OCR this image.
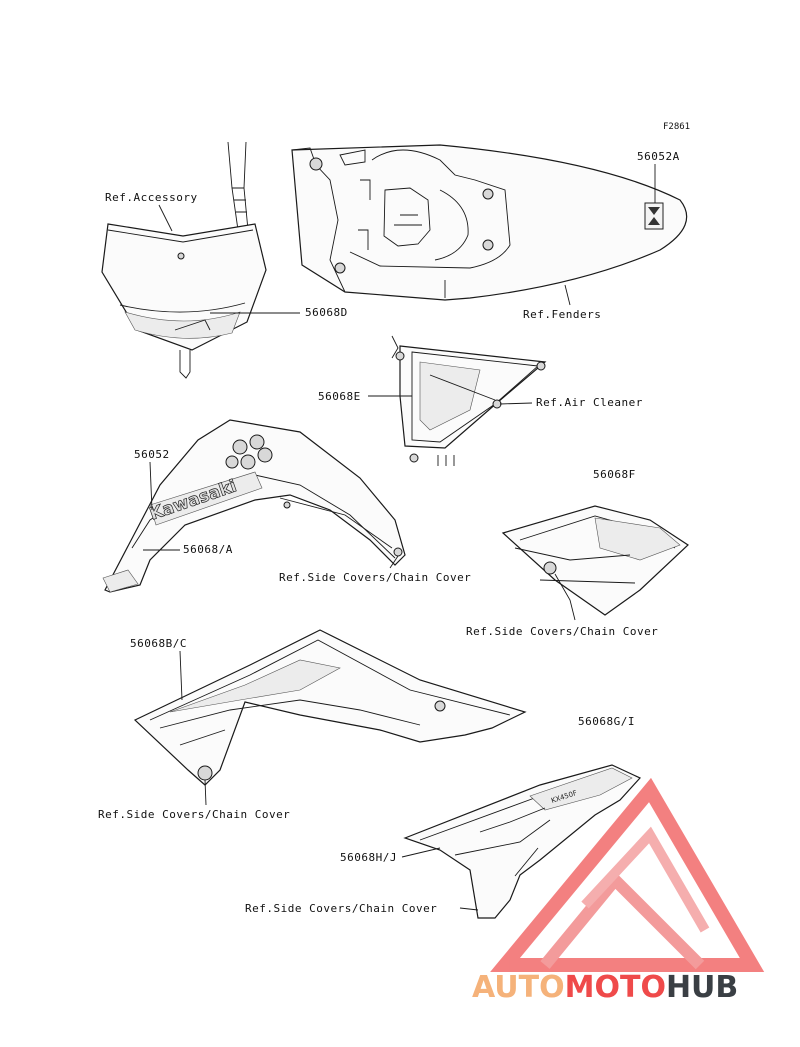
F2861
Ref.Accessory
56068D
56052A
Ref.Fenders
56068E	Ref.Air Cleaner
Kawasaki
56052
56068/A
Ref.Side Covers/Chain Cover
56068F
Ref.Side Covers/Chain Cover
56068B/C
Ref.Side Covers/Chain Cover
KX450F
56068G/I
56068H/J
Ref.Side Covers/Chain Cover
AUTOMOTOHUB
